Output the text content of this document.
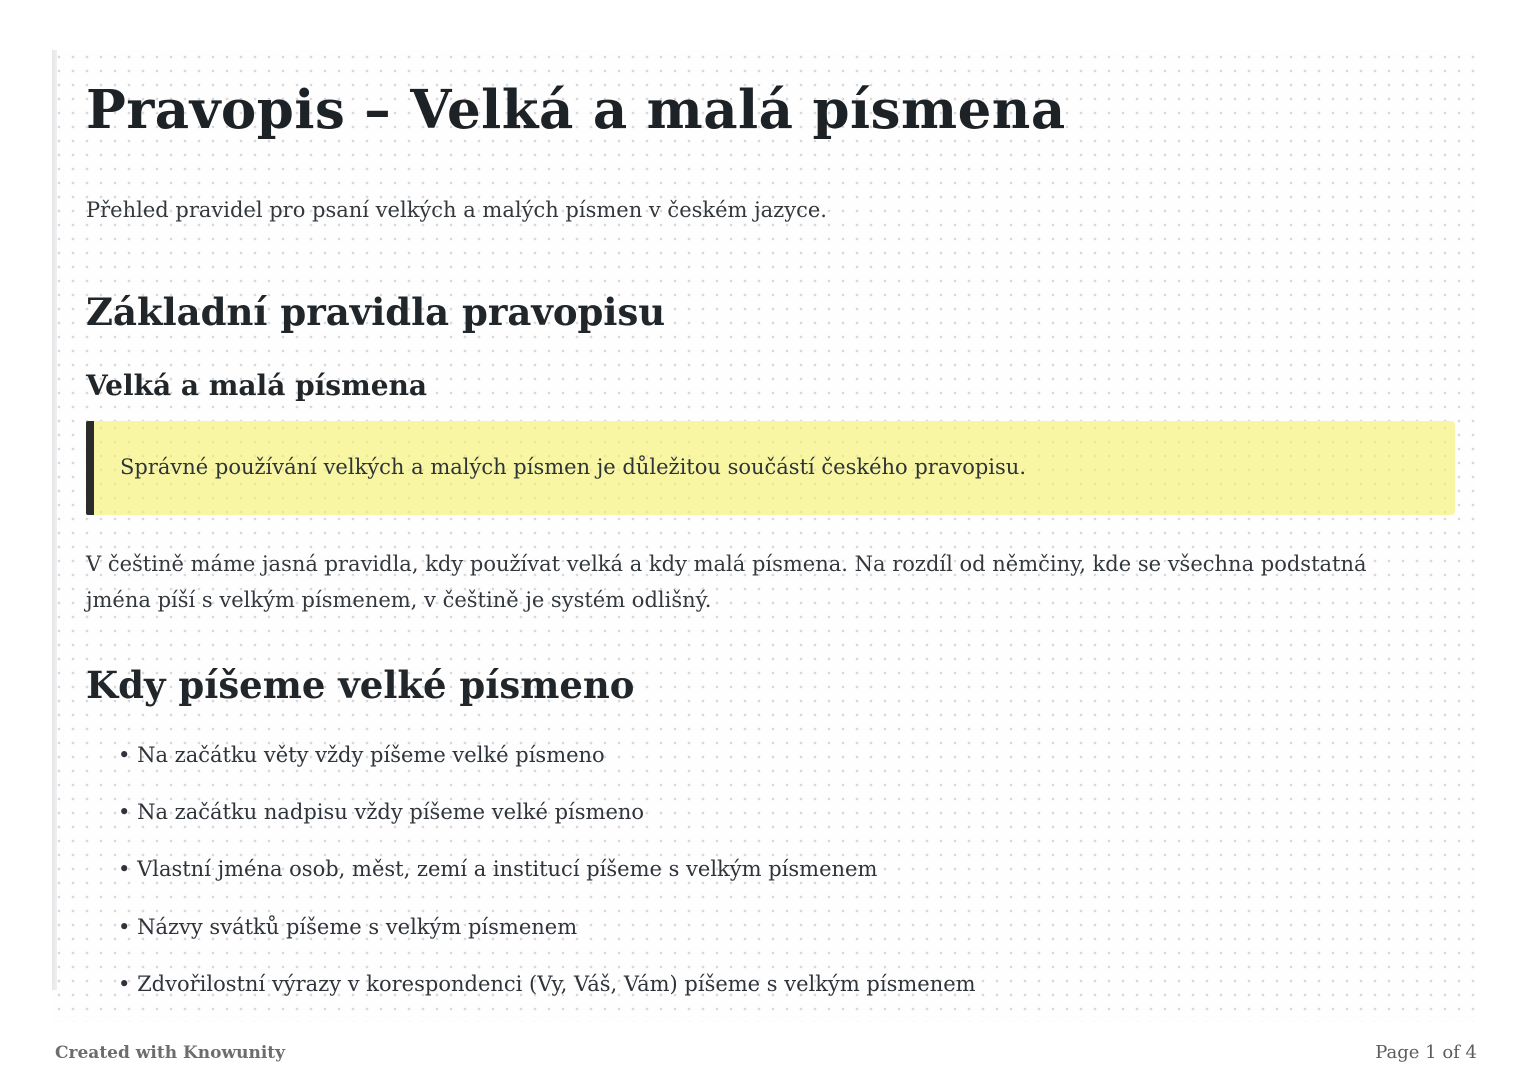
Pravopis – Velká a malá písmena

Přehled pravidel pro psaní velkých a malých písmen v českém jazyce.

Základní pravidla pravopisu
Velká a malá písmena
Správné používání velkých a malých písmen je důležitou součástí českého pravopisu.

V češtině máme jasná pravidla, kdy používat velká a kdy malá písmena. Na rozdíl od němčiny, kde se všechna podstatná jména píší s velkým písmenem, v češtině je systém odlišný.

Kdy píšeme velké písmeno
• Na začátku věty vždy píšeme velké písmeno
• Na začátku nadpisu vždy píšeme velké písmeno
• Vlastní jména osob, měst, zemí a institucí píšeme s velkým písmenem
• Názvy svátků píšeme s velkým písmenem
• Zdvořilostní výrazy v korespondenci (Vy, Váš, Vám) píšeme s velkým písmenem
Created with Knowunity	Page 1 of 4
